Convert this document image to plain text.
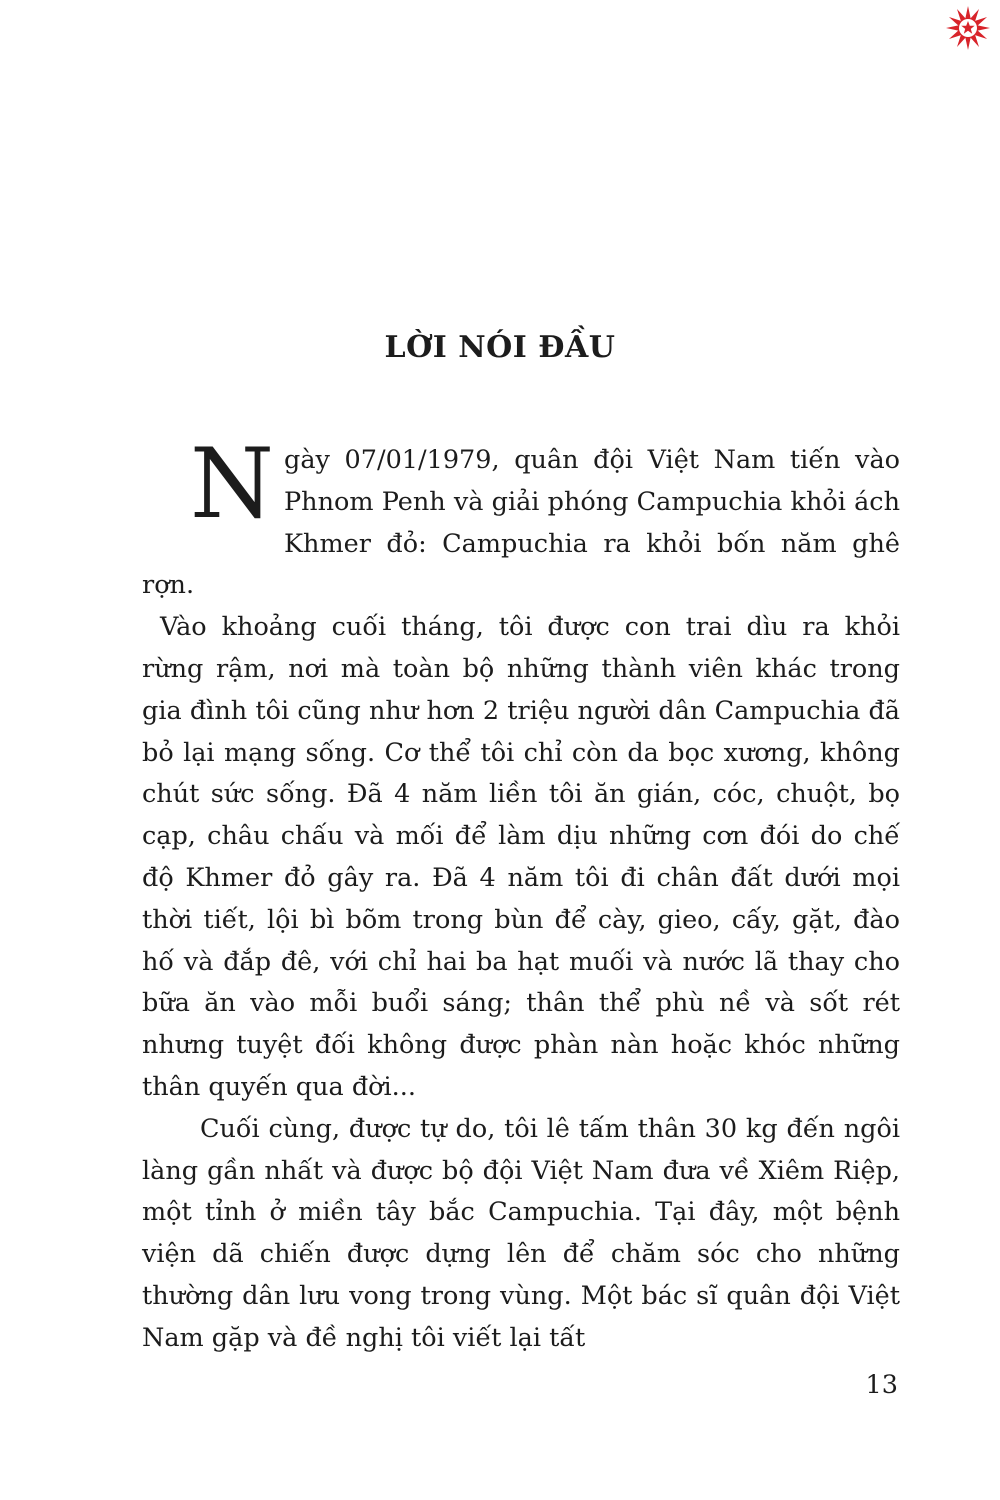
LỜI NÓI ĐẦU

Ngày 07/01/1979, quân đội Việt Nam tiến vào Phnom Penh và giải phóng Campuchia khỏi ách Khmer đỏ: Campuchia ra khỏi bốn năm ghê rợn.

Vào khoảng cuối tháng, tôi được con trai dìu ra khỏi rừng rậm, nơi mà toàn bộ những thành viên khác trong gia đình tôi cũng như hơn 2 triệu người dân Campuchia đã bỏ lại mạng sống. Cơ thể tôi chỉ còn da bọc xương, không chút sức sống. Đã 4 năm liền tôi ăn gián, cóc, chuột, bọ cạp, châu chấu và mối để làm dịu những cơn đói do chế độ Khmer đỏ gây ra. Đã 4 năm tôi đi chân đất dưới mọi thời tiết, lội bì bõm trong bùn để cày, gieo, cấy, gặt, đào hố và đắp đê, với chỉ hai ba hạt muối và nước lã thay cho bữa ăn vào mỗi buổi sáng; thân thể phù nề và sốt rét nhưng tuyệt đối không được phàn nàn hoặc khóc những thân quyến qua đời...

Cuối cùng, được tự do, tôi lê tấm thân 30 kg đến ngôi làng gần nhất và được bộ đội Việt Nam đưa về Xiêm Riệp, một tỉnh ở miền tây bắc Campuchia. Tại đây, một bệnh viện dã chiến được dựng lên để chăm sóc cho những thường dân lưu vong trong vùng. Một bác sĩ quân đội Việt Nam gặp và đề nghị tôi viết lại tất

13
